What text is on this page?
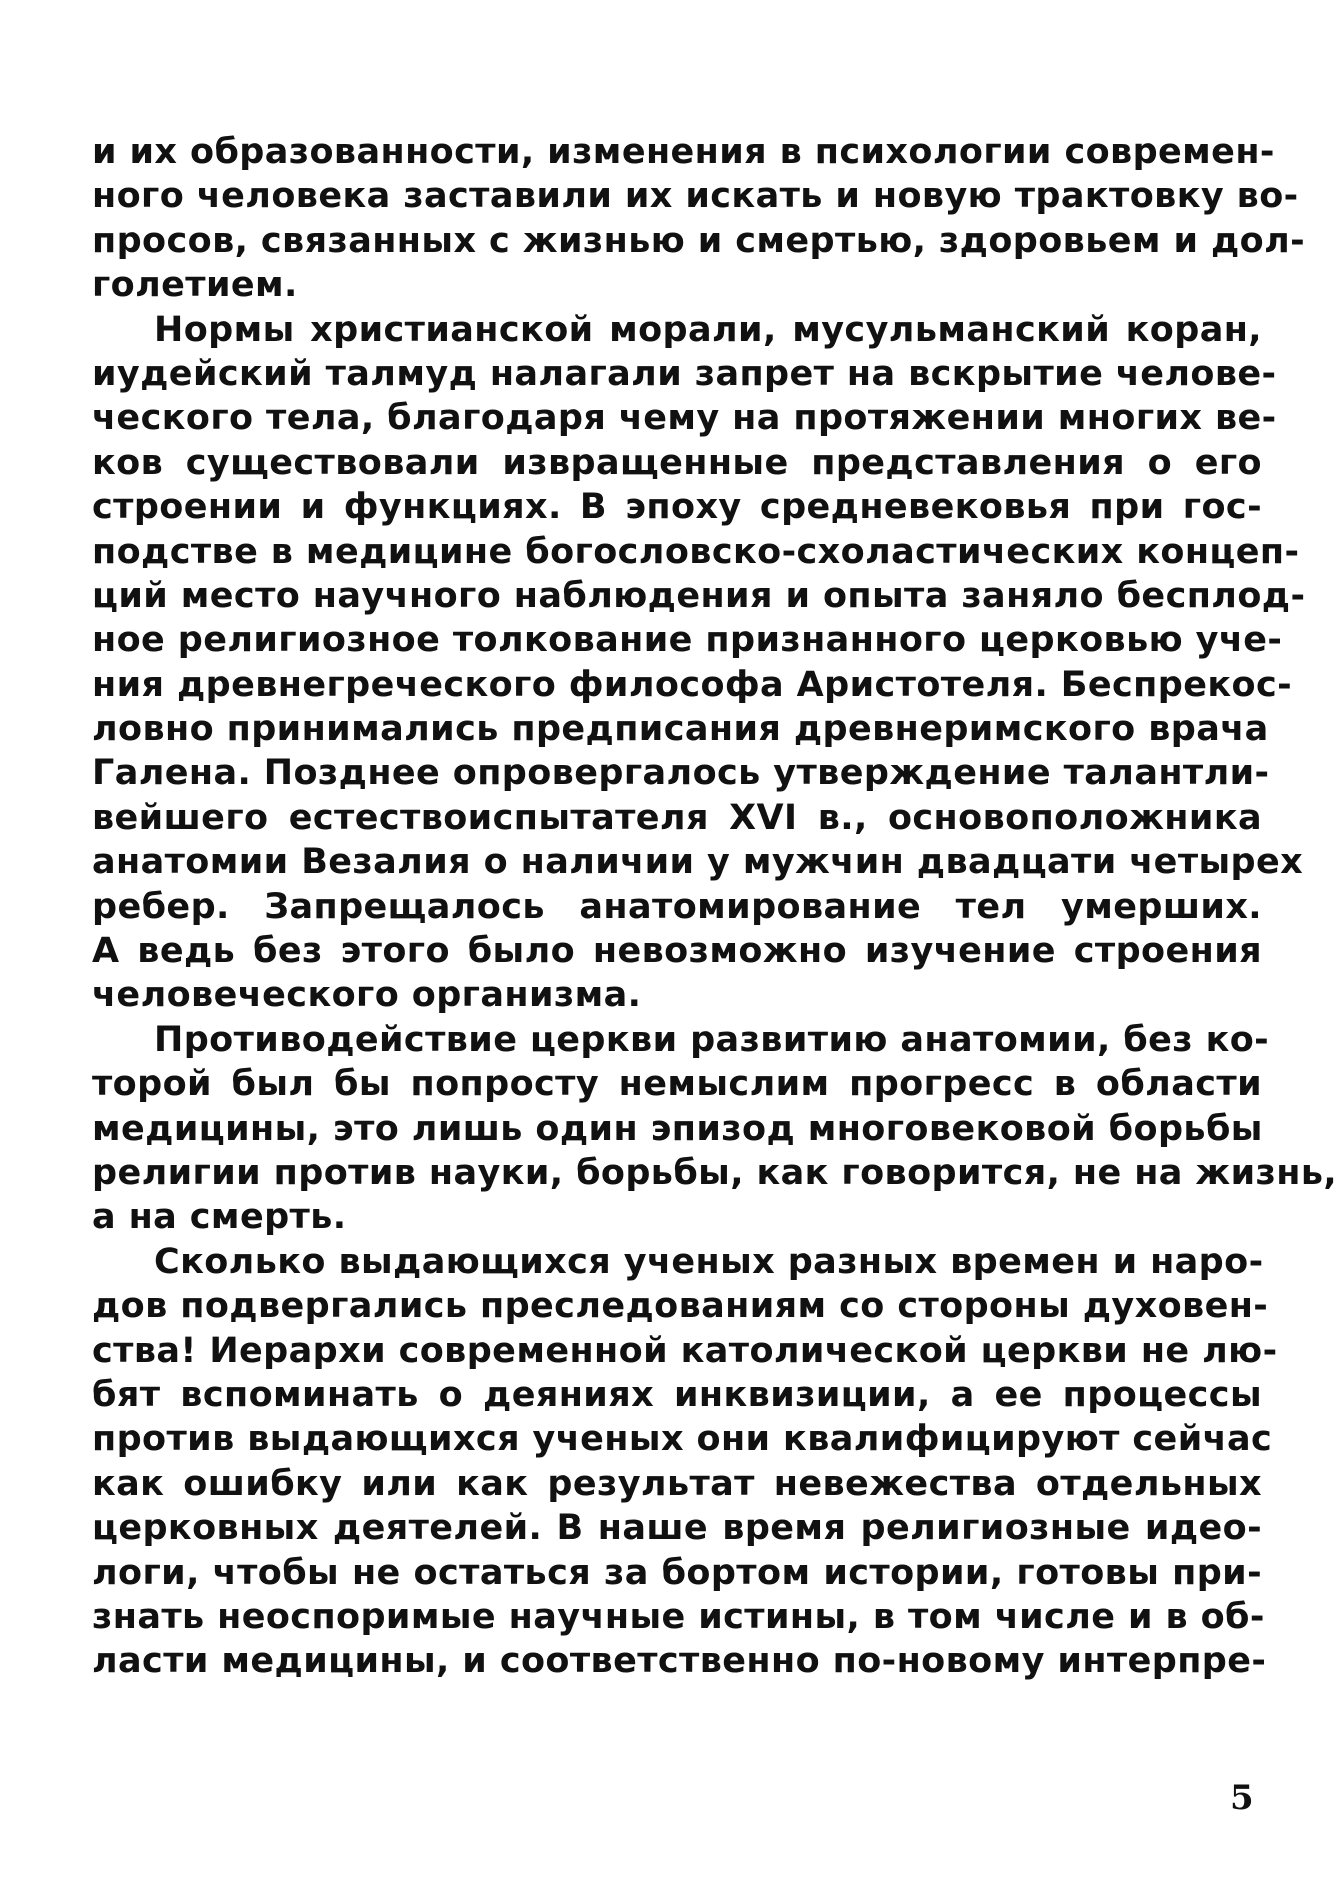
и их образованности, изменения в психологии современ-
ного человека заставили их искать и новую трактовку во-
просов, связанных с жизнью и смертью, здоровьем и дол-
голетием.
Нормы христианской морали, мусульманский коран,
иудейский талмуд налагали запрет на вскрытие челове-
ческого тела, благодаря чему на протяжении многих ве-
ков существовали извращенные представления о его
строении и функциях. В эпоху средневековья при гос-
подстве в медицине богословско-схоластических концеп-
ций место научного наблюдения и опыта заняло бесплод-
ное религиозное толкование признанного церковью уче-
ния древнегреческого философа Аристотеля. Беспрекос-
ловно принимались предписания древнеримского врача
Галена. Позднее опровергалось утверждение талантли-
вейшего естествоиспытателя XVI в., основоположника
анатомии Везалия о наличии у мужчин двадцати четырех
ребер. Запрещалось анатомирование тел умерших.
А ведь без этого было невозможно изучение строения
человеческого организма.
Противодействие церкви развитию анатомии, без ко-
торой был бы попросту немыслим прогресс в области
медицины, это лишь один эпизод многовековой борьбы
религии против науки, борьбы, как говорится, не на жизнь,
а на смерть.
Сколько выдающихся ученых разных времен и наро-
дов подвергались преследованиям со стороны духовен-
ства! Иерархи современной католической церкви не лю-
бят вспоминать о деяниях инквизиции, а ее процессы
против выдающихся ученых они квалифицируют сейчас
как ошибку или как результат невежества отдельных
церковных деятелей. В наше время религиозные идео-
логи, чтобы не остаться за бортом истории, готовы при-
знать неоспоримые научные истины, в том числе и в об-
ласти медицины, и соответственно по-новому интерпре-
5
